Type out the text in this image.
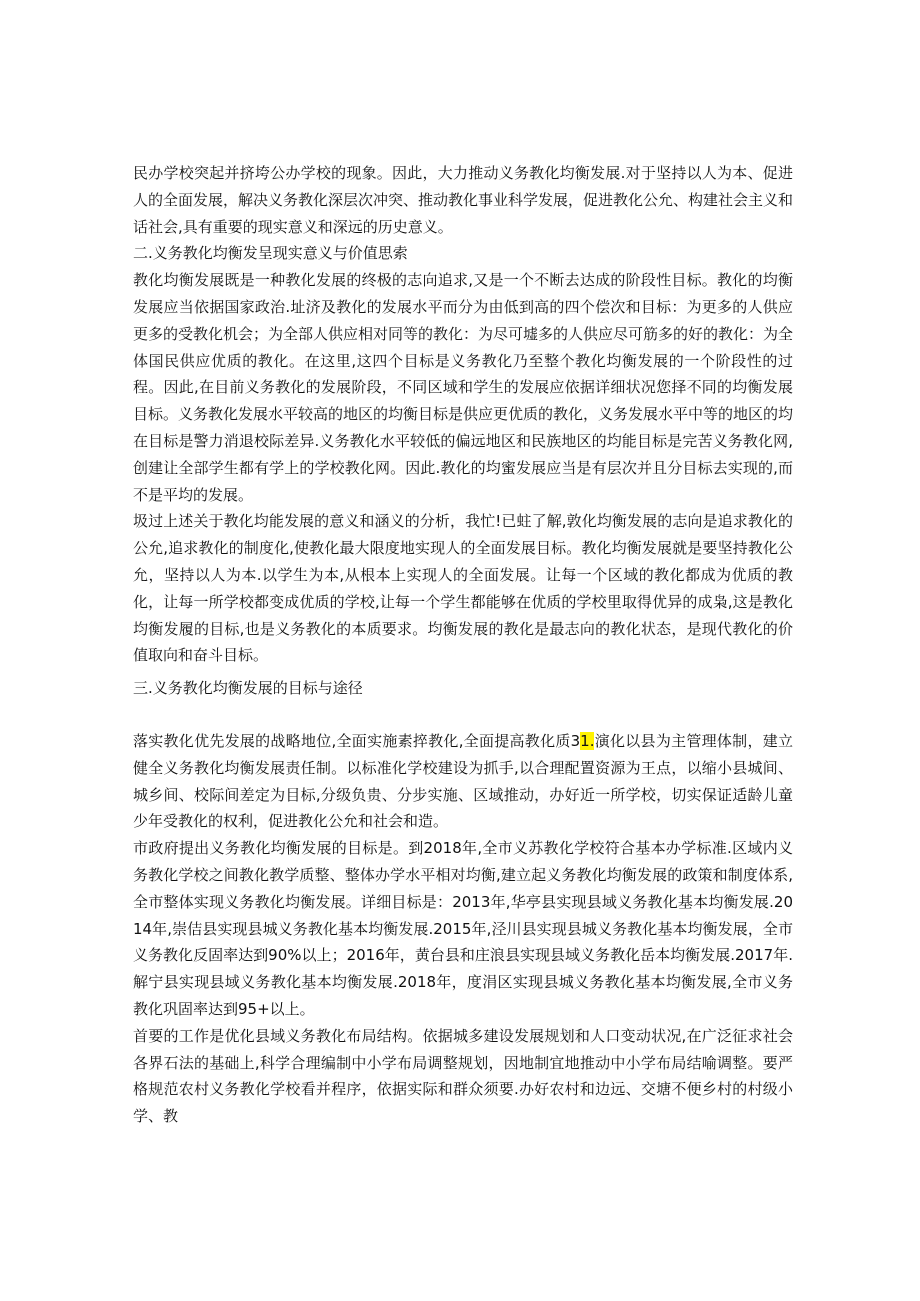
民办学校突起并挤垮公办学校的现象。因此，大力推动义务教化均衡发展.对于坚持以人为本、促进人的全面发展，解决义务教化深层次冲突、推动教化事业科学发展，促进教化公允、构建社会主义和话社会,具有重要的现实意义和深远的历史意义。

二.义务教化均衡发呈现实意义与价值思索

教化均衡发展既是一种教化发展的终极的志向追求,又是一个不断去达成的阶段性目标。教化的均衡发展应当依据国家政治.址济及教化的发展水平而分为由低到高的四个偿次和目标：为更多的人供应更多的受教化机会；为全部人供应相对同等的教化：为尽可墟多的人供应尽可筋多的好的教化：为全体国民供应优质的教化。在这里,这四个目标是义务教化乃至整个教化均衡发展的一个阶段性的过程。因此,在目前义务教化的发展阶段，不同区域和学生的发展应依据详细状况您择不同的均衡发展目标。义务教化发展水平较高的地区的均衡目标是供应更优质的教化，义务发展水平中等的地区的均在目标是警力消退校际差异.义务教化水平较低的偏远地区和民族地区的均能目标是完苦义务教化网,创建让全部学生都有学上的学校教化网。因此.教化的均蜜发展应当是有层次并且分目标去实现的,而不是平均的发展。

圾过上述关于教化均能发展的意义和涵义的分析，我忙!已蛀了解,敦化均衡发展的志向是追求教化的公允,追求教化的制度化,使教化最大限度地实现人的全面发展目标。教化均衡发展就是要坚持教化公允，坚持以人为本.以学生为本,从根本上实现人的全面发展。让每一个区域的教化都成为优质的教化，让每一所学校都变成优质的学校,让每一个学生都能够在优质的学校里取得优异的成枭,这是教化均衡发履的目标,也是义务教化的本质要求。均衡发展的教化是最志向的教化状态，是现代教化的价值取向和奋斗目标。

三.义务教化均衡发展的目标与途径

落实教化优先发展的战略地位,全面实施素捽教化,全面提高教化质31.演化以县为主管理体制，建立健全义务教化均衡发展责任制。以标准化学校建设为抓手,以合理配置资源为王点，以缩小县城间、城乡间、校际间差定为目标,分级负贵、分步实施、区域推动，办好近一所学校，切实保证适龄儿童少年受教化的权利，促进教化公允和社会和造。

市政府提出义务教化均衡发展的目标是。到2018年,全市义苏教化学校符合基本办学标准.区域内义务教化学校之间教化教学质整、整体办学水平相对均衡,建立起义务教化均衡发展的政策和制度体系,全市整体实现义务教化均衡发展。详细目标是：2013年,华亭县实现县域义务教化基本均衡发展.2014年,崇佶县实现县城义务教化基本均衡发展.2015年,泾川县实现县城义务教化基本均衡发展，全市义务教化反固率达到90%以上；2016年，黄台县和庄浪县实现县域义务教化岳本均衡发展.2017年.解宁县实现县域义务教化基本均衡发展.2018年，度涓区实现县城义务教化基本均衡发展,全市义务教化巩固率达到95+以上。

首要的工作是优化县域义务教化布局结构。依据城多建设发展规划和人口变动状况,在广泛征求社会各界石法的基础上,科学合理编制中小学布局调整规划，因地制宜地推动中小学布局结喻调整。要严格规范农村义务教化学校看并程序，依据实际和群众须要.办好农村和边远、交塘不便乡村的村级小学、教
